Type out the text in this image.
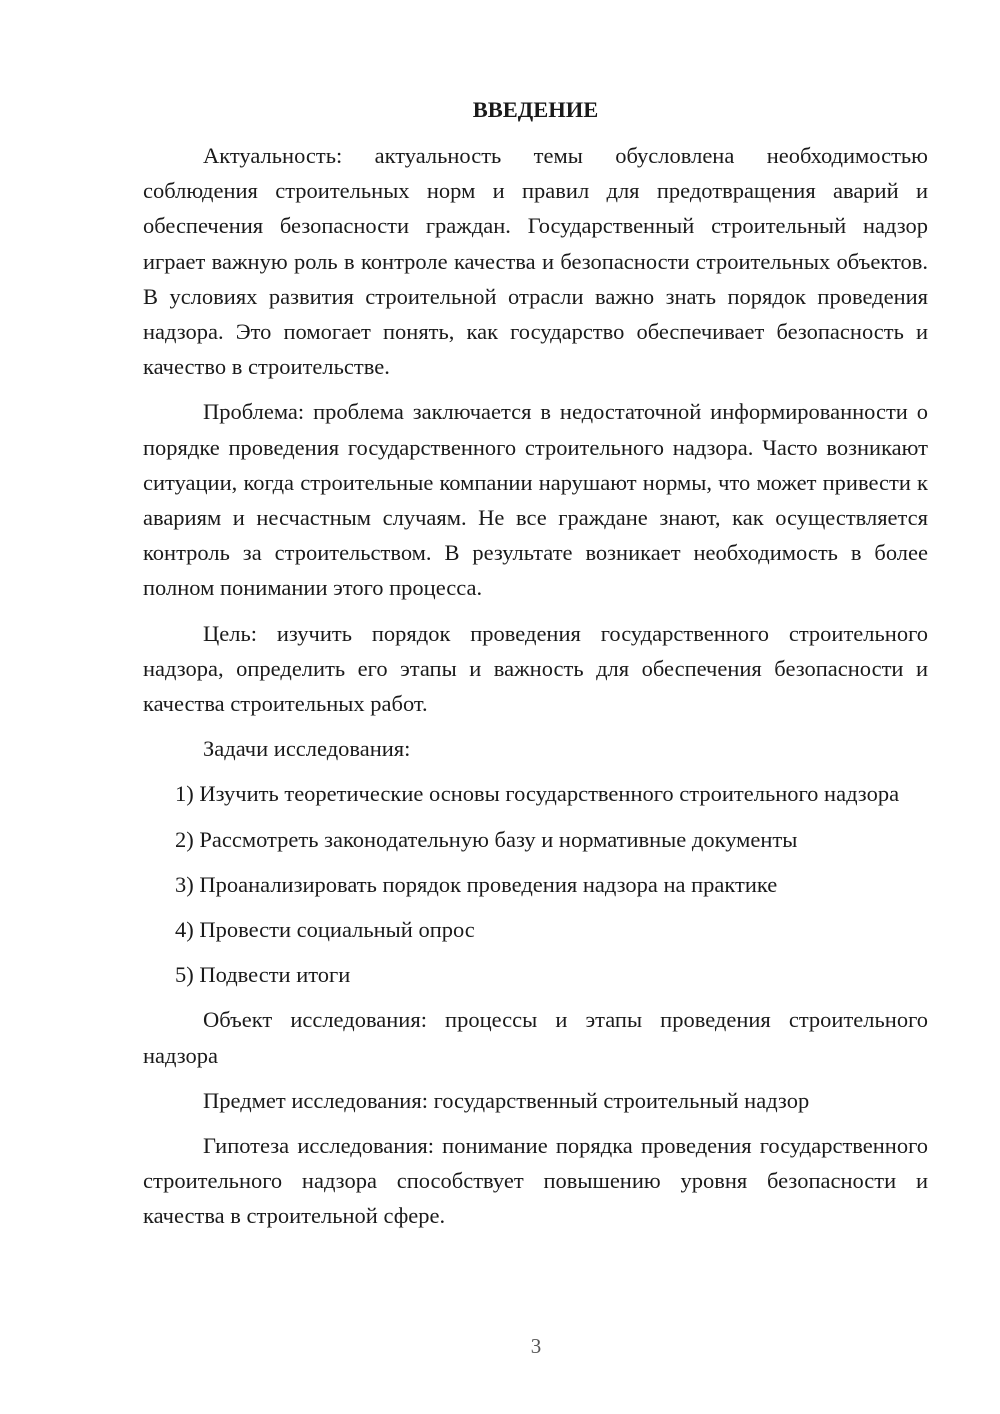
ВВЕДЕНИЕ

Актуальность: актуальность темы обусловлена необходимостью соблюдения строительных норм и правил для предотвращения аварий и обеспечения безопасности граждан. Государственный строительный надзор играет важную роль в контроле качества и безопасности строительных объектов. В условиях развития строительной отрасли важно знать порядок проведения надзора. Это помогает понять, как государство обеспечивает безопасность и качество в строительстве.

Проблема: проблема заключается в недостаточной информированности о порядке проведения государственного строительного надзора. Часто возникают ситуации, когда строительные компании нарушают нормы, что может привести к авариям и несчастным случаям. Не все граждане знают, как осуществляется контроль за строительством. В результате возникает необходимость в более полном понимании этого процесса.

Цель: изучить порядок проведения государственного строительного надзора, определить его этапы и важность для обеспечения безопасности и качества строительных работ.

Задачи исследования:

1) Изучить теоретические основы государственного строительного надзора

2) Рассмотреть законодательную базу и нормативные документы

3) Проанализировать порядок проведения надзора на практике

4) Провести социальный опрос

5) Подвести итоги

Объект исследования: процессы и этапы проведения строительного надзора

Предмет исследования: государственный строительный надзор

Гипотеза исследования: понимание порядка проведения государственного строительного надзора способствует повышению уровня безопасности и качества в строительной сфере.

3
